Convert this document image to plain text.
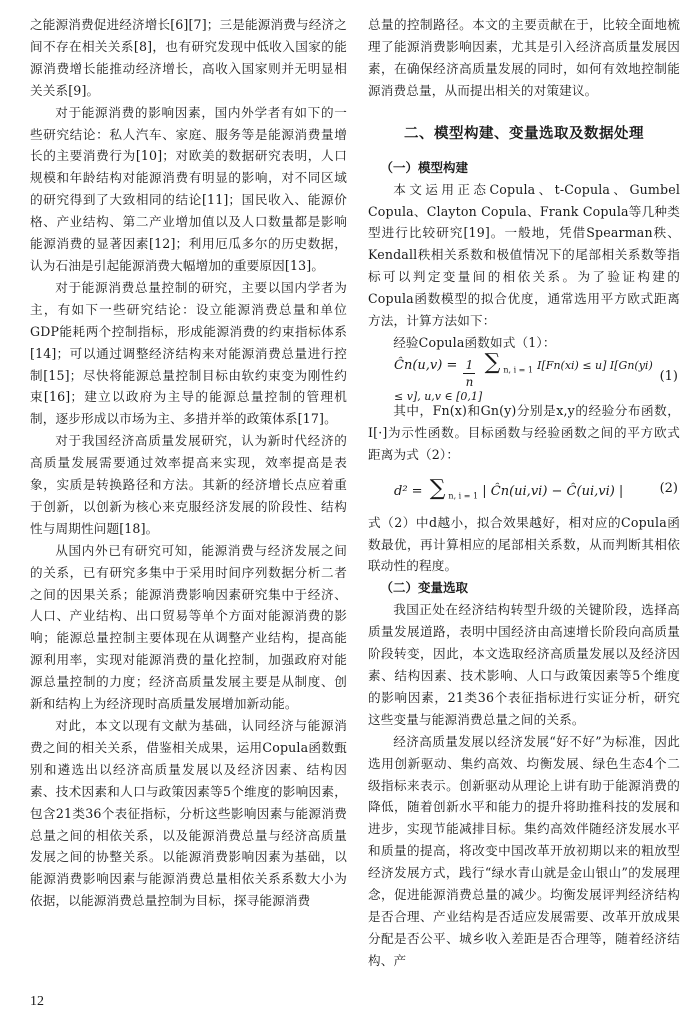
之能源消费促进经济增长[6][7]；三是能源消费与经济之间不存在相关关系[8]，也有研究发现中低收入国家的能源消费增长能推动经济增长，高收入国家则并无明显相关关系[9]。

对于能源消费的影响因素，国内外学者有如下的一些研究结论：私人汽车、家庭、服务等是能源消费量增长的主要消费行为[10]；对欧美的数据研究表明，人口规模和年龄结构对能源消费有明显的影响，对不同区域的研究得到了大致相同的结论[11]；国民收入、能源价格、产业结构、第二产业增加值以及人口数量都是影响能源消费的显著因素[12]；利用厄瓜多尔的历史数据，认为石油是引起能源消费大幅增加的重要原因[13]。

对于能源消费总量控制的研究，主要以国内学者为主，有如下一些研究结论：设立能源消费总量和单位GDP能耗两个控制指标，形成能源消费的约束指标体系[14]；可以通过调整经济结构来对能源消费总量进行控制[15]；尽快将能源总量控制目标由软约束变为刚性约束[16]；建立以政府为主导的能源总量控制的管理机制，逐步形成以市场为主、多措并举的政策体系[17]。

对于我国经济高质量发展研究，认为新时代经济的高质量发展需要通过效率提高来实现，效率提高是表象，实质是转换路径和方法。其新的经济增长点应着重于创新，以创新为核心来克服经济发展的阶段性、结构性与周期性问题[18]。

从国内外已有研究可知，能源消费与经济发展之间的关系，已有研究多集中于采用时间序列数据分析二者之间的因果关系；能源消费影响因素研究集中于经济、人口、产业结构、出口贸易等单个方面对能源消费的影响；能源总量控制主要体现在从调整产业结构，提高能源利用率，实现对能源消费的量化控制，加强政府对能源总量控制的力度；经济高质量发展主要是从制度、创新和结构上为经济现时高质量发展增加新动能。

对此，本文以现有文献为基础，认同经济与能源消费之间的相关关系，借鉴相关成果，运用Copula函数甄别和遴选出以经济高质量发展以及经济因素、结构因素、技术因素和人口与政策因素等5个维度的影响因素，包含21类36个表征指标，分析这些影响因素与能源消费总量之间的相依关系，以及能源消费总量与经济高质量发展之间的协整关系。以能源消费影响因素为基础，以能源消费影响因素与能源消费总量相依关系系数大小为依据，以能源消费总量控制为目标，探寻能源消费

总量的控制路径。本文的主要贡献在于，比较全面地梳理了能源消费影响因素，尤其是引入经济高质量发展因素，在确保经济高质量发展的同时，如何有效地控制能源消费总量，从而提出相关的对策建议。

二、模型构建、变量选取及数据处理
（一）模型构建

本文运用正态Copula、t-Copula、Gumbel Copula、Clayton Copula、Frank Copula等几种类型进行比较研究[19]。一般地，凭借Spearman秩、Kendall秩相关系数和极值情况下的尾部相关系数等指标可以判定变量间的相依关系。为了验证构建的Copula函数模型的拟合优度，通常选用平方欧式距离方法，计算方法如下：

经验Copula函数如式（1）：

Ĉn(u,v) = $\frac{1}{n}$ ∑ $_{n, i = 1}$ I[Fn(xi) ≤ u] I[Gn(yi) ≤ v], u,v ∈ [0,1]
(1)

其中，Fn(x)和Gn(y)分别是x,y的经验分布函数，I[·]为示性函数。目标函数与经验函数之间的平方欧式距离为式（2）：

d² = ∑ $_{n, i = 1}$ | Ĉn(ui,vi) − Ĉ(ui,vi) |	(2)

式（2）中d越小，拟合效果越好，相对应的Copula函数最优，再计算相应的尾部相关系数，从而判断其相依联动性的程度。

（二）变量选取

我国正处在经济结构转型升级的关键阶段，选择高质量发展道路，表明中国经济由高速增长阶段向高质量阶段转变，因此，本文选取经济高质量发展以及经济因素、结构因素、技术影响、人口与政策因素等5个维度的影响因素，21类36个表征指标进行实证分析，研究这些变量与能源消费总量之间的关系。

经济高质量发展以经济发展“好不好”为标准，因此选用创新驱动、集约高效、均衡发展、绿色生态4个二级指标来表示。创新驱动从理论上讲有助于能源消费的降低，随着创新水平和能力的提升将助推科技的发展和进步，实现节能减排目标。集约高效伴随经济发展水平和质量的提高，将改变中国改革开放初期以来的粗放型经济发展方式，践行“绿水青山就是金山银山”的发展理念，促进能源消费总量的减少。均衡发展评判经济结构是否合理、产业结构是否适应发展需要、改革开放成果分配是否公平、城乡收入差距是否合理等，随着经济结构、产

12
